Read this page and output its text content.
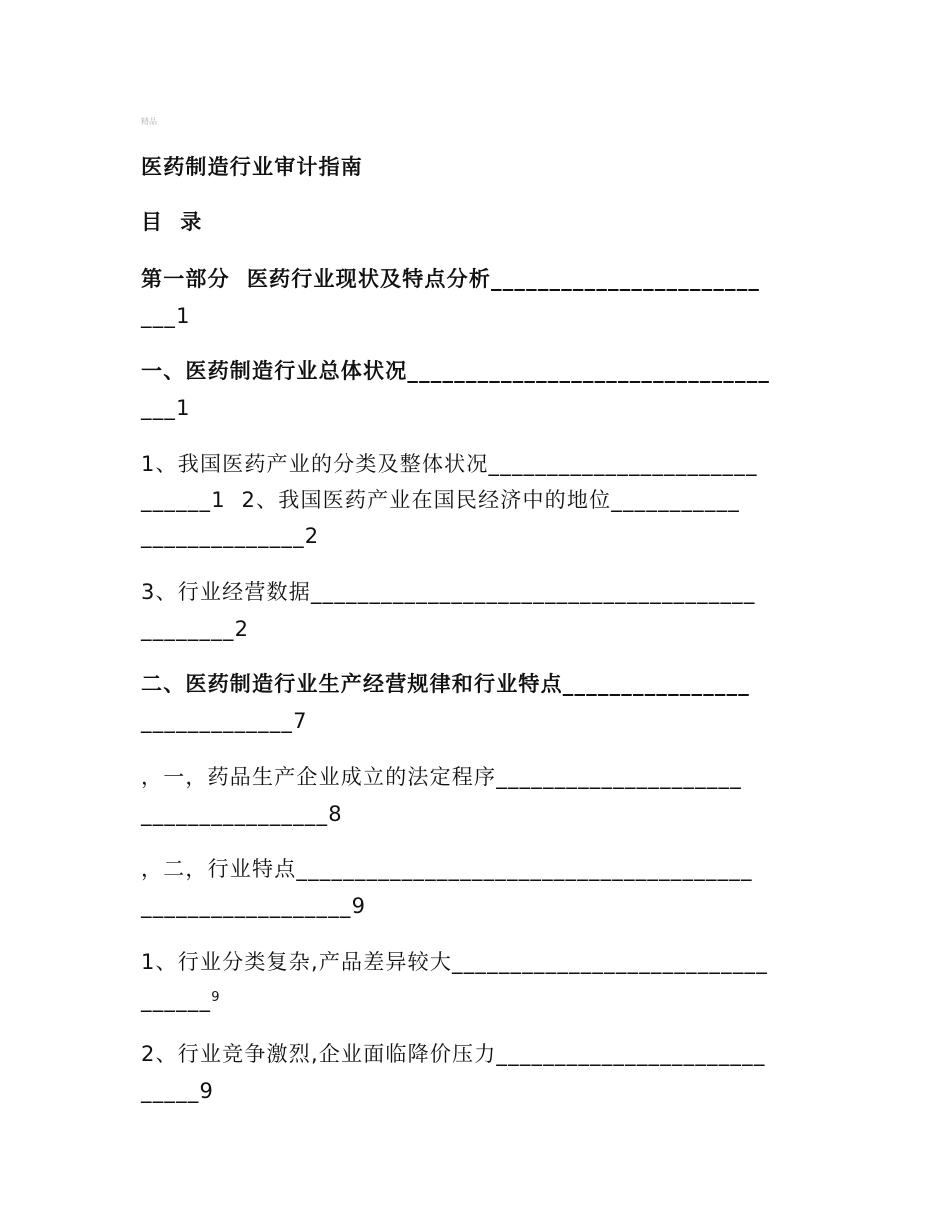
精品
医药制造行业审计指南
目  录
第一部分  医药行业现状及特点分析_______________________
___1
一、医药制造行业总体状况_______________________________
___1
1、我国医药产业的分类及整体状况_______________________
______1  2、我国医药产业在国民经济中的地位___________
______________2
3、行业经营数据______________________________________
________2
二、医药制造行业生产经营规律和行业特点________________
_____________7
，一，药品生产企业成立的法定程序_____________________
________________8
，二，行业特点_______________________________________
__________________9
1、行业分类复杂,产品差异较大___________________________
______$^9$
2、行业竞争激烈,企业面临降价压力_______________________
_____9
